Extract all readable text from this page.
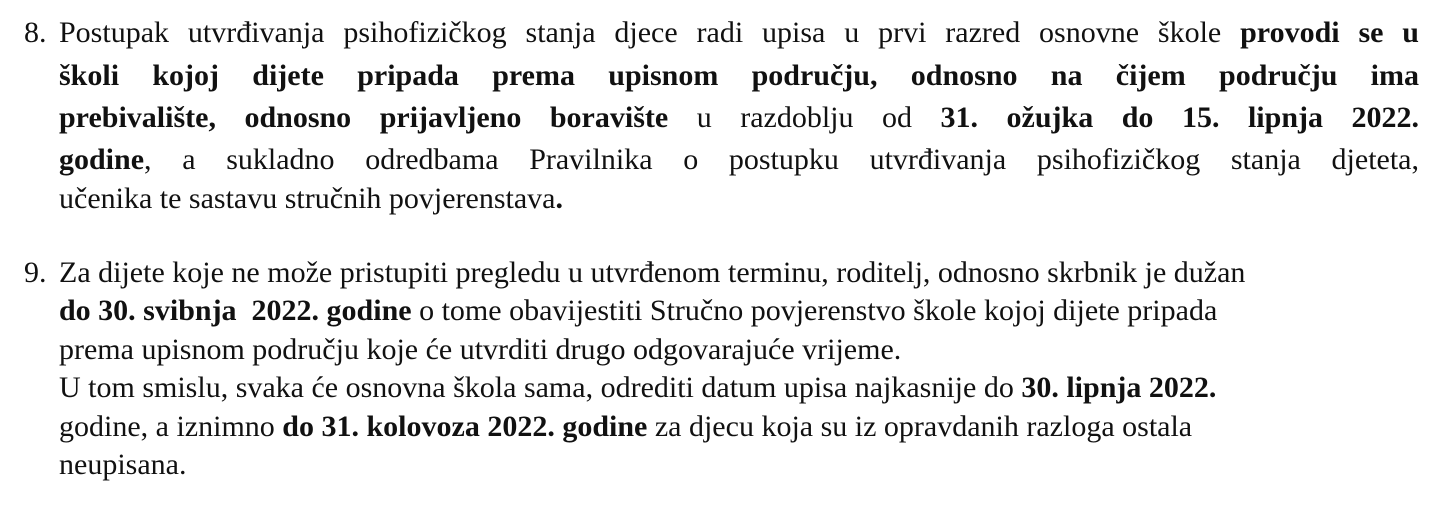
8. Postupak utvrđivanja psihofizičkog stanja djece radi upisa u prvi razred osnovne škole provodi se u
školi kojoj dijete pripada prema upisnom području, odnosno na čijem području ima
prebivalište, odnosno prijavljeno boravište u razdoblju od 31. ožujka do 15. lipnja 2022.
godine, a sukladno odredbama Pravilnika o postupku utvrđivanja psihofizičkog stanja djeteta,
učenika te sastavu stručnih povjerenstava.
9. Za dijete koje ne može pristupiti pregledu u utvrđenom terminu, roditelj, odnosno skrbnik je dužan
do 30. svibnja  2022. godine o tome obavijestiti Stručno povjerenstvo škole kojoj dijete pripada
prema upisnom području koje će utvrditi drugo odgovarajuće vrijeme.
U tom smislu, svaka će osnovna škola sama, odrediti datum upisa najkasnije do 30. lipnja 2022.
godine, a iznimno do 31. kolovoza 2022. godine za djecu koja su iz opravdanih razloga ostala
neupisana.
